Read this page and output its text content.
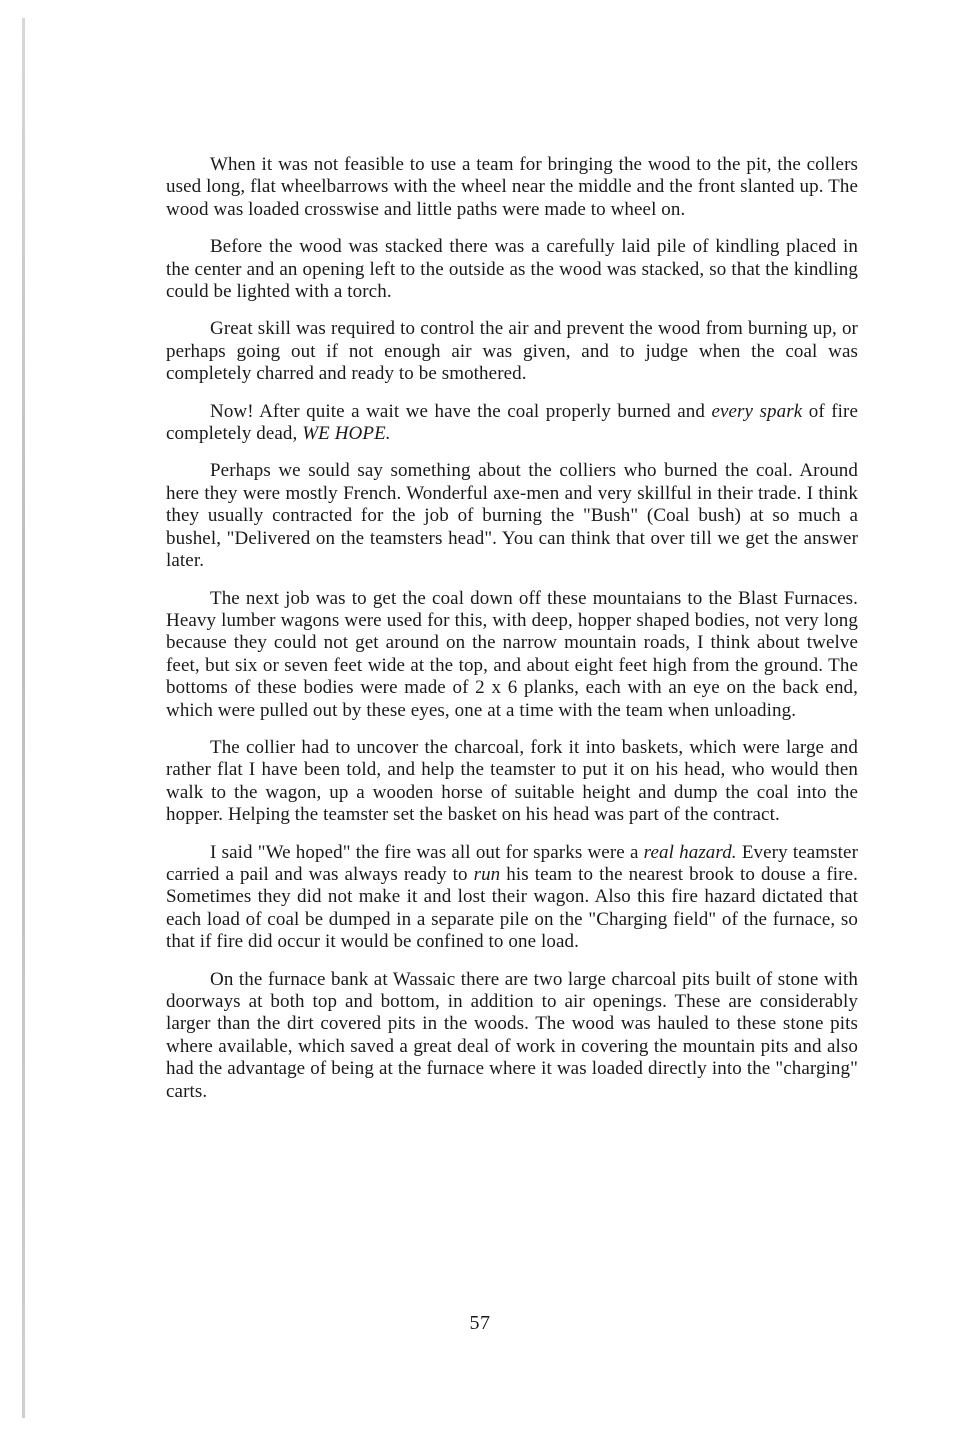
When it was not feasible to use a team for bringing the wood to the pit, the collers used long, flat wheelbarrows with the wheel near the middle and the front slanted up. The wood was loaded crosswise and little paths were made to wheel on.

Before the wood was stacked there was a carefully laid pile of kindling placed in the center and an opening left to the outside as the wood was stacked, so that the kindling could be lighted with a torch.

Great skill was required to control the air and prevent the wood from burning up, or perhaps going out if not enough air was given, and to judge when the coal was completely charred and ready to be smothered.

Now! After quite a wait we have the coal properly burned and every spark of fire completely dead, WE HOPE.

Perhaps we sould say something about the colliers who burned the coal. Around here they were mostly French. Wonderful axe-men and very skillful in their trade. I think they usually contracted for the job of burning the "Bush" (Coal bush) at so much a bushel, "Delivered on the teamsters head". You can think that over till we get the answer later.

The next job was to get the coal down off these mountaians to the Blast Furnaces. Heavy lumber wagons were used for this, with deep, hopper shaped bodies, not very long because they could not get around on the narrow mountain roads, I think about twelve feet, but six or seven feet wide at the top, and about eight feet high from the ground. The bottoms of these bodies were made of 2 x 6 planks, each with an eye on the back end, which were pulled out by these eyes, one at a time with the team when unloading.

The collier had to uncover the charcoal, fork it into baskets, which were large and rather flat I have been told, and help the teamster to put it on his head, who would then walk to the wagon, up a wooden horse of suitable height and dump the coal into the hopper. Helping the teamster set the basket on his head was part of the contract.

I said "We hoped" the fire was all out for sparks were a real hazard. Every teamster carried a pail and was always ready to run his team to the nearest brook to douse a fire. Sometimes they did not make it and lost their wagon. Also this fire hazard dictated that each load of coal be dumped in a separate pile on the "Charging field" of the furnace, so that if fire did occur it would be confined to one load.

On the furnace bank at Wassaic there are two large charcoal pits built of stone with doorways at both top and bottom, in addition to air openings. These are considerably larger than the dirt covered pits in the woods. The wood was hauled to these stone pits where available, which saved a great deal of work in covering the mountain pits and also had the advantage of being at the furnace where it was loaded directly into the "charging" carts.

57
